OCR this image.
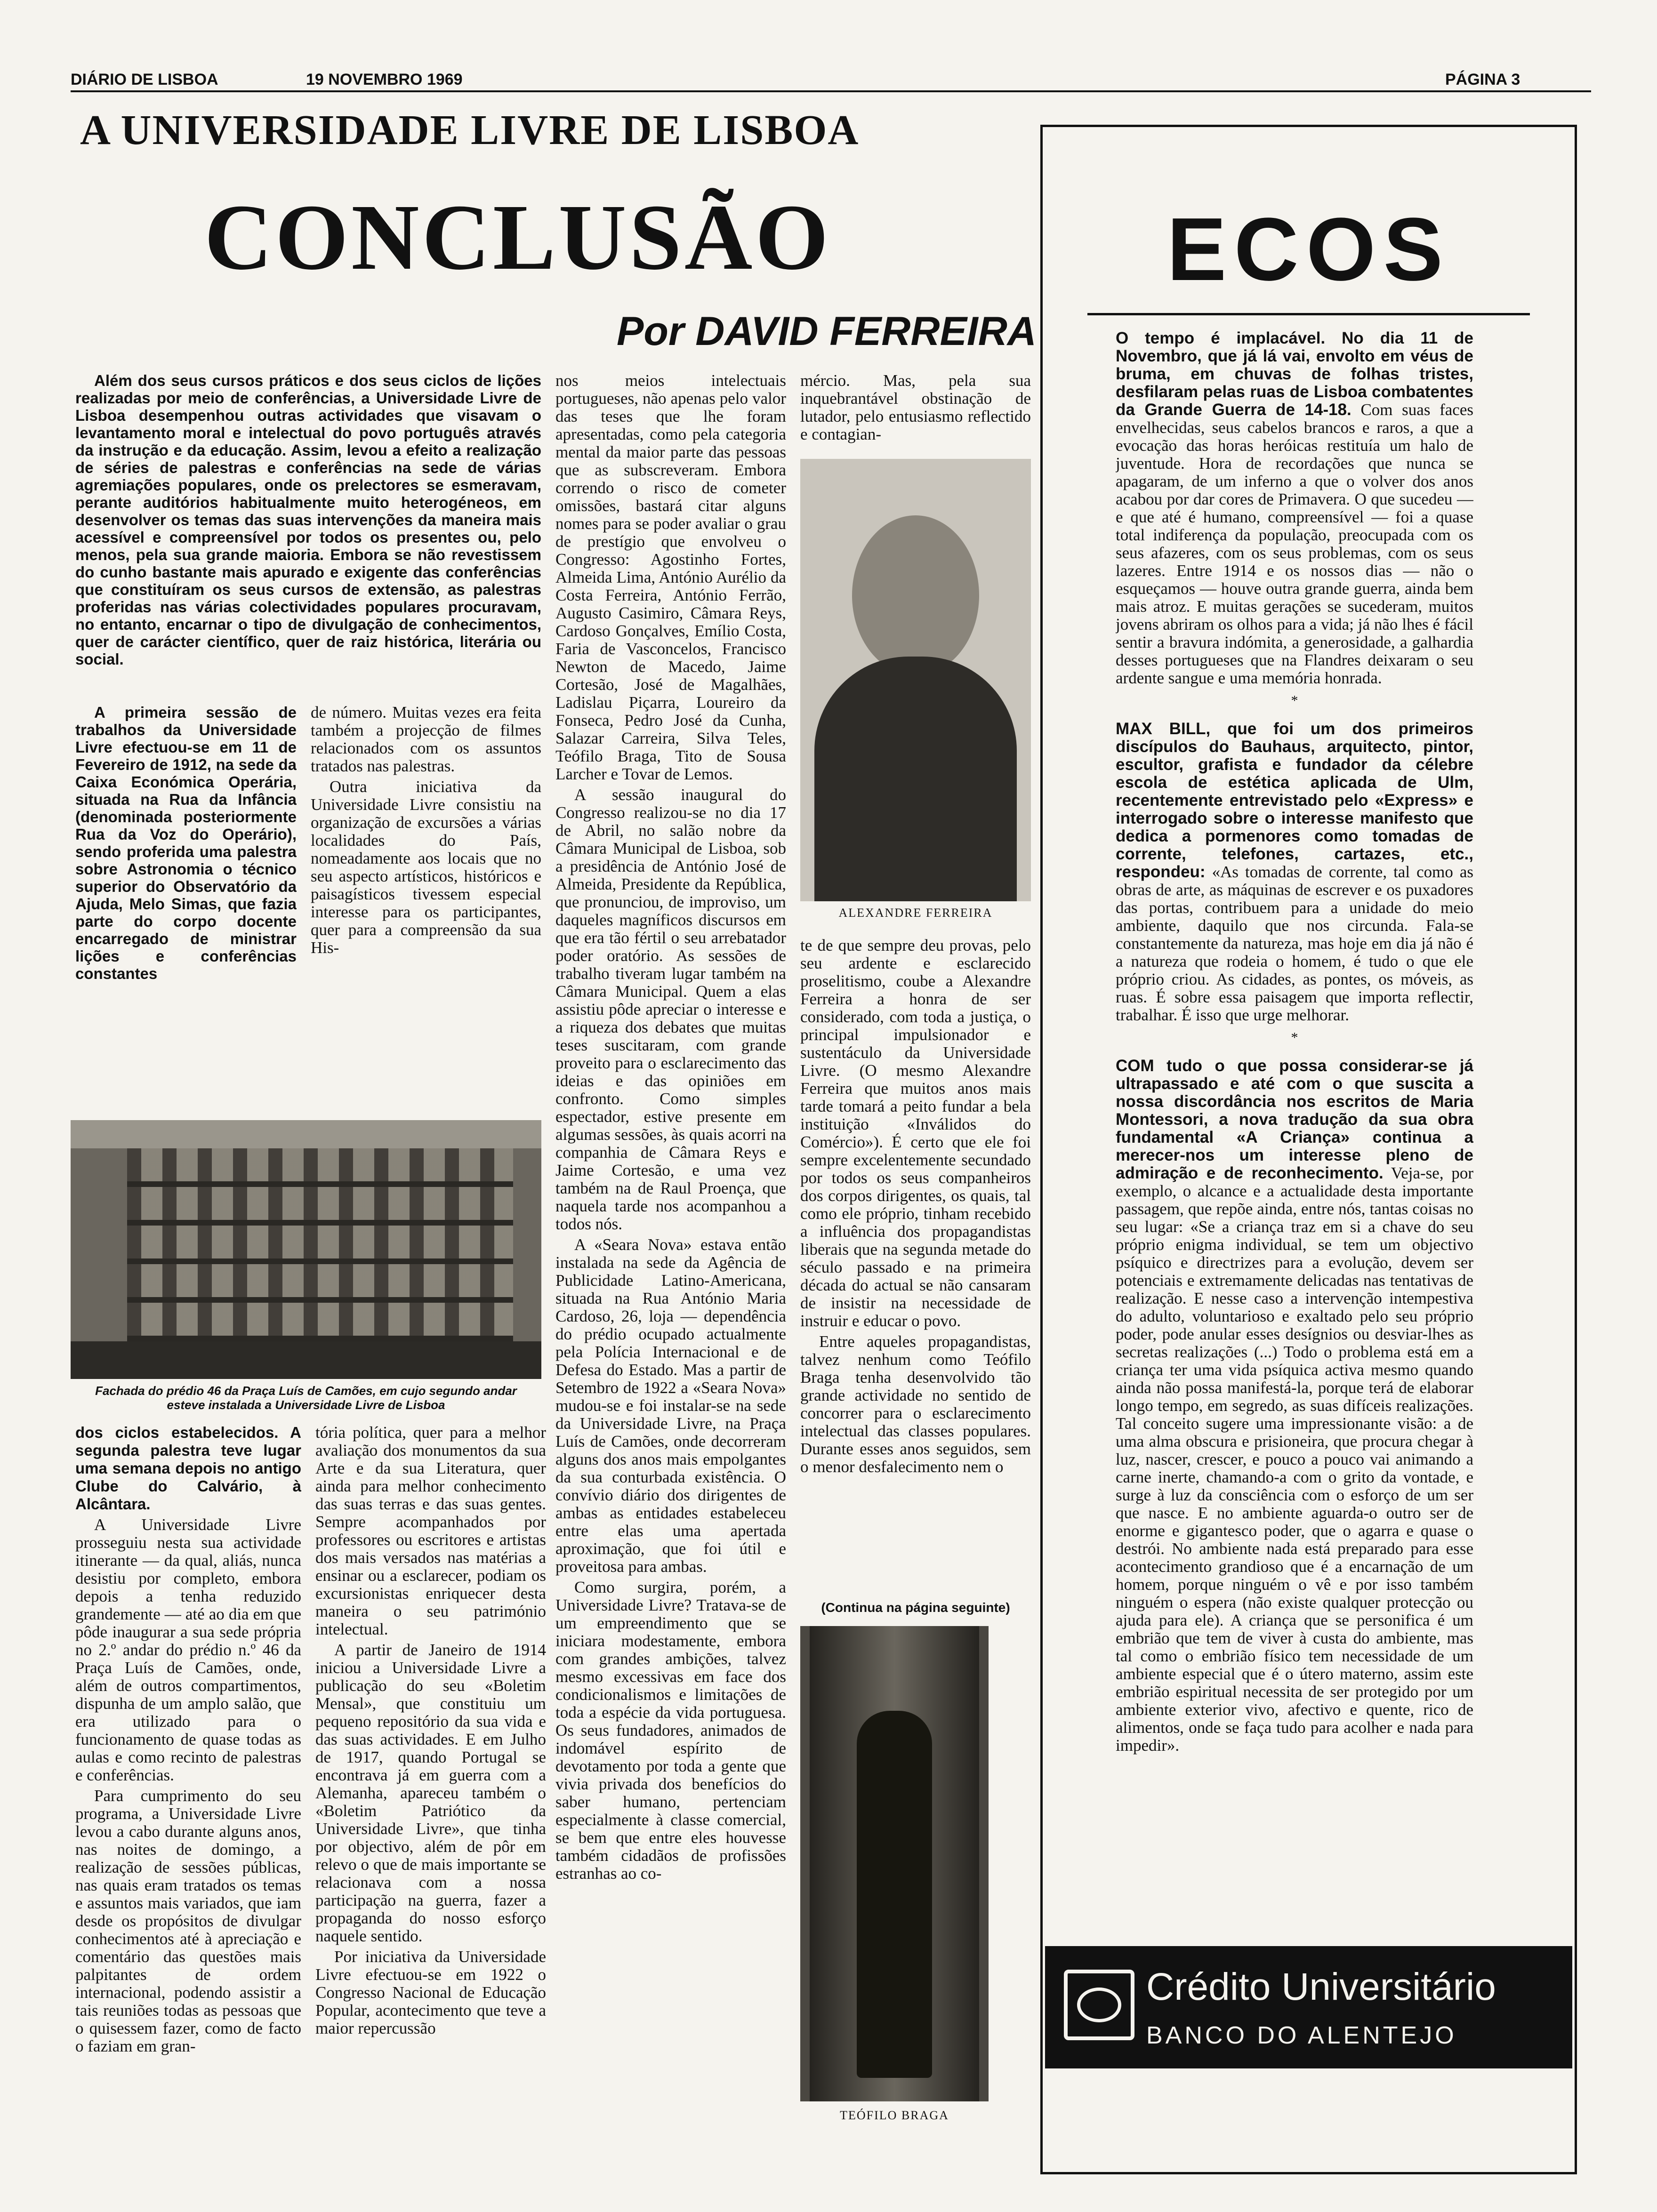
DIÁRIO DE LISBOA	19 NOVEMBRO 1969	PÁGINA 3
A UNIVERSIDADE LIVRE DE LISBOA
CONCLUSÃO
Por DAVID FERREIRA
Além dos seus cursos práticos e dos seus ciclos de lições realizadas por meio de conferências, a Universidade Livre de Lisboa desempenhou outras actividades que visavam o levantamento moral e intelectual do povo português através da instrução e da educação. Assim, levou a efeito a realização de séries de palestras e conferências na sede de várias agremiações populares, onde os prelectores se esmeravam, perante auditórios habitualmente muito heterogéneos, em desenvolver os temas das suas intervenções da maneira mais acessível e compreensível por todos os presentes ou, pelo menos, pela sua grande maioria. Embora se não revestissem do cunho bastante mais apurado e exigente das conferências que constituíram os seus cursos de extensão, as palestras proferidas nas várias colectividades populares procuravam, no entanto, encarnar o tipo de divulgação de conhecimentos, quer de carácter científico, quer de raiz histórica, literária ou social.

A primeira sessão de trabalhos da Universidade Livre efectuou-se em 11 de Fevereiro de 1912, na sede da Caixa Económica Operária, situada na Rua da Infância (denominada posteriormente Rua da Voz do Operário), sendo proferida uma palestra sobre Astronomia o técnico superior do Observatório da Ajuda, Melo Simas, que fazia parte do corpo docente encarregado de ministrar lições e conferências constantes

de número. Muitas vezes era feita também a projecção de filmes relacionados com os assuntos tratados nas palestras.

Outra iniciativa da Universidade Livre consistiu na organização de excursões a várias localidades do País, nomeadamente aos locais que no seu aspecto artísticos, históricos e paisagísticos tivessem especial interesse para os participantes, quer para a compreensão da sua His-

Fachada do prédio 46 da Praça Luís de Camões, em cujo segundo andar esteve instalada a Universidade Livre de Lisboa

dos ciclos estabelecidos. A segunda palestra teve lugar uma semana depois no antigo Clube do Calvário, à Alcântara.

A Universidade Livre prosseguiu nesta sua actividade itinerante — da qual, aliás, nunca desistiu por completo, embora depois a tenha reduzido grandemente — até ao dia em que pôde inaugurar a sua sede própria no 2.º andar do prédio n.º 46 da Praça Luís de Camões, onde, além de outros compartimentos, dispunha de um amplo salão, que era utilizado para o funcionamento de quase todas as aulas e como recinto de palestras e conferências.

Para cumprimento do seu programa, a Universidade Livre levou a cabo durante alguns anos, nas noites de domingo, a realização de sessões públicas, nas quais eram tratados os temas e assuntos mais variados, que iam desde os propósitos de divulgar conhecimentos até à apreciação e comentário das questões mais palpitantes de ordem internacional, podendo assistir a tais reuniões todas as pessoas que o quisessem fazer, como de facto o faziam em gran-

tória política, quer para a melhor avaliação dos monumentos da sua Arte e da sua Literatura, quer ainda para melhor conhecimento das suas terras e das suas gentes. Sempre acompanhados por professores ou escritores e artistas dos mais versados nas matérias a ensinar ou a esclarecer, podiam os excursionistas enriquecer desta maneira o seu património intelectual.

A partir de Janeiro de 1914 iniciou a Universidade Livre a publicação do seu «Boletim Mensal», que constituiu um pequeno repositório da sua vida e das suas actividades. E em Julho de 1917, quando Portugal se encontrava já em guerra com a Alemanha, apareceu também o «Boletim Patriótico da Universidade Livre», que tinha por objectivo, além de pôr em relevo o que de mais importante se relacionava com a nossa participação na guerra, fazer a propaganda do nosso esforço naquele sentido.

Por iniciativa da Universidade Livre efectuou-se em 1922 o Congresso Nacional de Educação Popular, acontecimento que teve a maior repercussão

nos meios intelectuais portugueses, não apenas pelo valor das teses que lhe foram apresentadas, como pela categoria mental da maior parte das pessoas que as subscreveram. Embora correndo o risco de cometer omissões, bastará citar alguns nomes para se poder avaliar o grau de prestígio que envolveu o Congresso: Agostinho Fortes, Almeida Lima, António Aurélio da Costa Ferreira, António Ferrão, Augusto Casimiro, Câmara Reys, Cardoso Gonçalves, Emílio Costa, Faria de Vasconcelos, Francisco Newton de Macedo, Jaime Cortesão, José de Magalhães, Ladislau Piçarra, Loureiro da Fonseca, Pedro José da Cunha, Salazar Carreira, Silva Teles, Teófilo Braga, Tito de Sousa Larcher e Tovar de Lemos.

A sessão inaugural do Congresso realizou-se no dia 17 de Abril, no salão nobre da Câmara Municipal de Lisboa, sob a presidência de António José de Almeida, Presidente da República, que pronunciou, de improviso, um daqueles magníficos discursos em que era tão fértil o seu arrebatador poder oratório. As sessões de trabalho tiveram lugar também na Câmara Municipal. Quem a elas assistiu pôde apreciar o interesse e a riqueza dos debates que muitas teses suscitaram, com grande proveito para o esclarecimento das ideias e das opiniões em confronto. Como simples espectador, estive presente em algumas sessões, às quais acorri na companhia de Câmara Reys e Jaime Cortesão, e uma vez também na de Raul Proença, que naquela tarde nos acompanhou a todos nós.

A «Seara Nova» estava então instalada na sede da Agência de Publicidade Latino-Americana, situada na Rua António Maria Cardoso, 26, loja — dependência do prédio ocupado actualmente pela Polícia Internacional e de Defesa do Estado. Mas a partir de Setembro de 1922 a «Seara Nova» mudou-se e foi instalar-se na sede da Universidade Livre, na Praça Luís de Camões, onde decorreram alguns dos anos mais empolgantes da sua conturbada existência. O convívio diário dos dirigentes de ambas as entidades estabeleceu entre elas uma apertada aproximação, que foi útil e proveitosa para ambas.

Como surgira, porém, a Universidade Livre? Tratava-se de um empreendimento que se iniciara modestamente, embora com grandes ambições, talvez mesmo excessivas em face dos condicionalismos e limitações de toda a espécie da vida portuguesa. Os seus fundadores, animados de indomável espírito de devotamento por toda a gente que vivia privada dos benefícios do saber humano, pertenciam especialmente à classe comercial, se bem que entre eles houvesse também cidadãos de profissões estranhas ao co-

mércio. Mas, pela sua inquebrantável obstinação de lutador, pelo entusiasmo reflectido e contagian-

ALEXANDRE FERREIRA

te de que sempre deu provas, pelo seu ardente e esclarecido proselitismo, coube a Alexandre Ferreira a honra de ser considerado, com toda a justiça, o principal impulsionador e sustentáculo da Universidade Livre. (O mesmo Alexandre Ferreira que muitos anos mais tarde tomará a peito fundar a bela instituição «Inválidos do Comércio»). É certo que ele foi sempre excelentemente secundado por todos os seus companheiros dos corpos dirigentes, os quais, tal como ele próprio, tinham recebido a influência dos propagandistas liberais que na segunda metade do século passado e na primeira década do actual se não cansaram de insistir na necessidade de instruir e educar o povo.

Entre aqueles propagandistas, talvez nenhum como Teófilo Braga tenha desenvolvido tão grande actividade no sentido de concorrer para o esclarecimento intelectual das classes populares. Durante esses anos seguidos, sem o menor desfalecimento nem o

(Continua na página seguinte)
TEÓFILO BRAGA
ECOS

O tempo é implacável. No dia 11 de Novembro, que já lá vai, envolto em véus de bruma, em chuvas de folhas tristes, desfilaram pelas ruas de Lisboa combatentes da Grande Guerra de 14-18. Com suas faces envelhecidas, seus cabelos brancos e raros, a que a evocação das horas heróicas restituía um halo de juventude. Hora de recordações que nunca se apagaram, de um inferno a que o volver dos anos acabou por dar cores de Primavera. O que sucedeu — e que até é humano, compreensível — foi a quase total indiferença da população, preocupada com os seus afazeres, com os seus problemas, com os seus lazeres. Entre 1914 e os nossos dias — não o esqueçamos — houve outra grande guerra, ainda bem mais atroz. E muitas gerações se sucederam, muitos jovens abriram os olhos para a vida; já não lhes é fácil sentir a bravura indómita, a generosidade, a galhardia desses portugueses que na Flandres deixaram o seu ardente sangue e uma memória honrada.

*

MAX BILL, que foi um dos primeiros discípulos do Bauhaus, arquitecto, pintor, escultor, grafista e fundador da célebre escola de estética aplicada de Ulm, recentemente entrevistado pelo «Express» e interrogado sobre o interesse manifesto que dedica a pormenores como tomadas de corrente, telefones, cartazes, etc., respondeu: «As tomadas de corrente, tal como as obras de arte, as máquinas de escrever e os puxadores das portas, contribuem para a unidade do meio ambiente, daquilo que nos circunda. Fala-se constantemente da natureza, mas hoje em dia já não é a natureza que rodeia o homem, é tudo o que ele próprio criou. As cidades, as pontes, os móveis, as ruas. É sobre essa paisagem que importa reflectir, trabalhar. É isso que urge melhorar.

*

COM tudo o que possa considerar-se já ultrapassado e até com o que suscita a nossa discordância nos escritos de Maria Montessori, a nova tradução da sua obra fundamental «A Criança» continua a merecer-nos um interesse pleno de admiração e de reconhecimento. Veja-se, por exemplo, o alcance e a actualidade desta importante passagem, que repõe ainda, entre nós, tantas coisas no seu lugar: «Se a criança traz em si a chave do seu próprio enigma individual, se tem um objectivo psíquico e directrizes para a evolução, devem ser potenciais e extremamente delicadas nas tentativas de realização. E nesse caso a intervenção intempestiva do adulto, voluntarioso e exaltado pelo seu próprio poder, pode anular esses desígnios ou desviar-lhes as secretas realizações (...) Todo o problema está em a criança ter uma vida psíquica activa mesmo quando ainda não possa manifestá-la, porque terá de elaborar longo tempo, em segredo, as suas difíceis realizações. Tal conceito sugere uma impressionante visão: a de uma alma obscura e prisioneira, que procura chegar à luz, nascer, crescer, e pouco a pouco vai animando a carne inerte, chamando-a com o grito da vontade, e surge à luz da consciência com o esforço de um ser que nasce. E no ambiente aguarda-o outro ser de enorme e gigantesco poder, que o agarra e quase o destrói. No ambiente nada está preparado para esse acontecimento grandioso que é a encarnação de um homem, porque ninguém o vê e por isso também ninguém o espera (não existe qualquer protecção ou ajuda para ele). A criança que se personifica é um embrião que tem de viver à custa do ambiente, mas tal como o embrião físico tem necessidade de um ambiente especial que é o útero materno, assim este embrião espiritual necessita de ser protegido por um ambiente exterior vivo, afectivo e quente, rico de alimentos, onde se faça tudo para acolher e nada para impedir».

Crédito Universitário
BANCO DO ALENTEJO
